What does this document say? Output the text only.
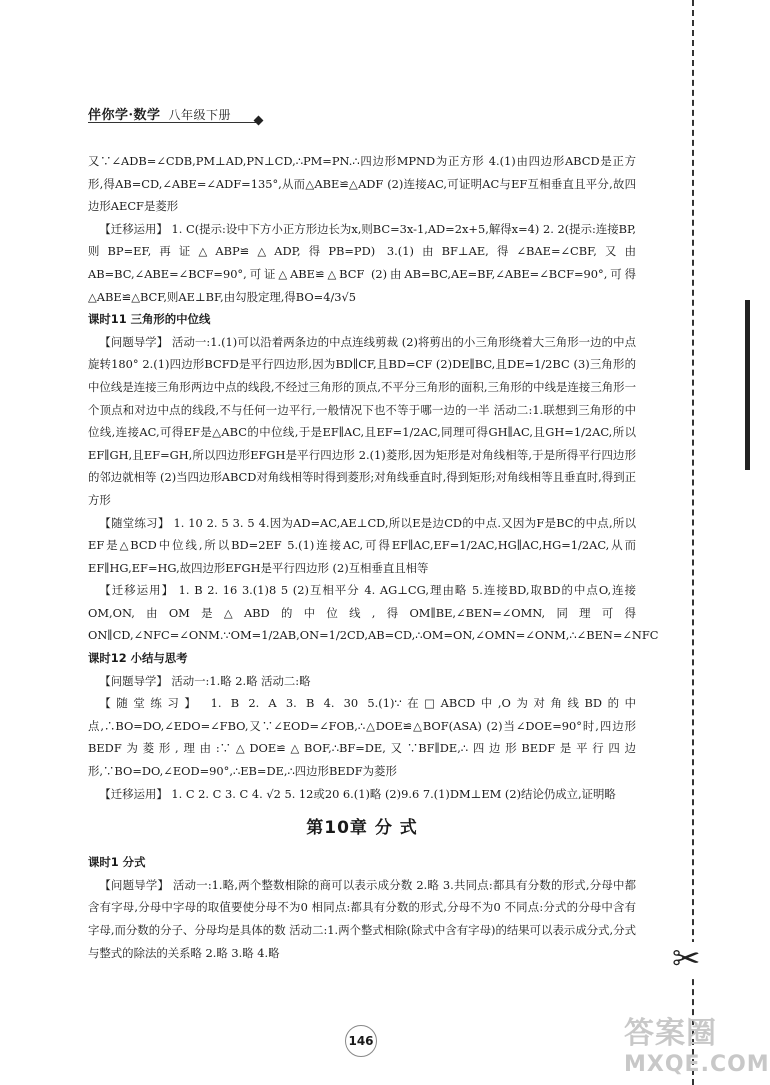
伴你学·数学 八年级下册

又∵∠ADB=∠CDB,PM⊥AD,PN⊥CD,∴PM=PN.∴四边形MPND为正方形 4.(1)由四边形ABCD是正方形,得AB=CD,∠ABE=∠ADF=135°,从而△ABE≌△ADF (2)连接AC,可证明AC与EF互相垂直且平分,故四边形AECF是菱形

【迁移运用】 1. C(提示:设中下方小正方形边长为x,则BC=3x-1,AD=2x+5,解得x=4) 2. 2(提示:连接BP,则BP=EF,再证△ABP≌△ADP,得PB=PD) 3.(1)由BF⊥AE,得∠BAE=∠CBF,又由AB=BC,∠ABE=∠BCF=90°,可证△ABE≌△BCF (2)由AB=BC,AE=BF,∠ABE=∠BCF=90°,可得△ABE≌△BCF,则AE⊥BF,由勾股定理,得BO=4/3√5

课时11 三角形的中位线

【问题导学】 活动一:1.(1)可以沿着两条边的中点连线剪裁 (2)将剪出的小三角形绕着大三角形一边的中点旋转180° 2.(1)四边形BCFD是平行四边形,因为BD∥CF,且BD=CF (2)DE∥BC,且DE=1/2BC (3)三角形的中位线是连接三角形两边中点的线段,不经过三角形的顶点,不平分三角形的面积,三角形的中线是连接三角形一个顶点和对边中点的线段,不与任何一边平行,一般情况下也不等于哪一边的一半 活动二:1.联想到三角形的中位线,连接AC,可得EF是△ABC的中位线,于是EF∥AC,且EF=1/2AC,同理可得GH∥AC,且GH=1/2AC,所以EF∥GH,且EF=GH,所以四边形EFGH是平行四边形 2.(1)菱形,因为矩形是对角线相等,于是所得平行四边形的邻边就相等 (2)当四边形ABCD对角线相等时得到菱形;对角线垂直时,得到矩形;对角线相等且垂直时,得到正方形

【随堂练习】 1. 10 2. 5 3. 5 4.因为AD=AC,AE⊥CD,所以E是边CD的中点.又因为F是BC的中点,所以EF是△BCD中位线,所以BD=2EF 5.(1)连接AC,可得EF∥AC,EF=1/2AC,HG∥AC,HG=1/2AC,从而EF∥HG,EF=HG,故四边形EFGH是平行四边形 (2)互相垂直且相等

【迁移运用】 1. B 2. 16 3.(1)8 5 (2)互相平分 4. AG⊥CG,理由略 5.连接BD,取BD的中点O,连接OM,ON,由OM是△ABD的中位线,得OM∥BE,∠BEN=∠OMN,同理可得ON∥CD,∠NFC=∠ONM.∵OM=1/2AB,ON=1/2CD,AB=CD,∴OM=ON,∠OMN=∠ONM,∴∠BEN=∠NFC

课时12 小结与思考

【问题导学】 活动一:1.略 2.略 活动二:略

【随堂练习】 1. B 2. A 3. B 4. 30 5.(1)∵在□ABCD中,O为对角线BD的中点,∴BO=DO,∠EDO=∠FBO,又∵∠EOD=∠FOB,∴△DOE≌△BOF(ASA) (2)当∠DOE=90°时,四边形BEDF为菱形,理由:∵△DOE≌△BOF,∴BF=DE,又∵BF∥DE,∴四边形BEDF是平行四边形,∵BO=DO,∠EOD=90°,∴EB=DE,∴四边形BEDF为菱形

【迁移运用】 1. C 2. C 3. C 4. √2 5. 12或20 6.(1)略 (2)9.6 7.(1)DM⊥EM (2)结论仍成立,证明略

第10章 分 式

课时1 分式

【问题导学】 活动一:1.略,两个整数相除的商可以表示成分数 2.略 3.共同点:都具有分数的形式,分母中都含有字母,分母中字母的取值要使分母不为0 相同点:都具有分数的形式,分母不为0 不同点:分式的分母中含有字母,而分数的分子、分母均是具体的数 活动二:1.两个整式相除(除式中含有字母)的结果可以表示成分式,分式与整式的除法的关系略 2.略 3.略 4.略	✂
146	答案圈
MXQE.COM
